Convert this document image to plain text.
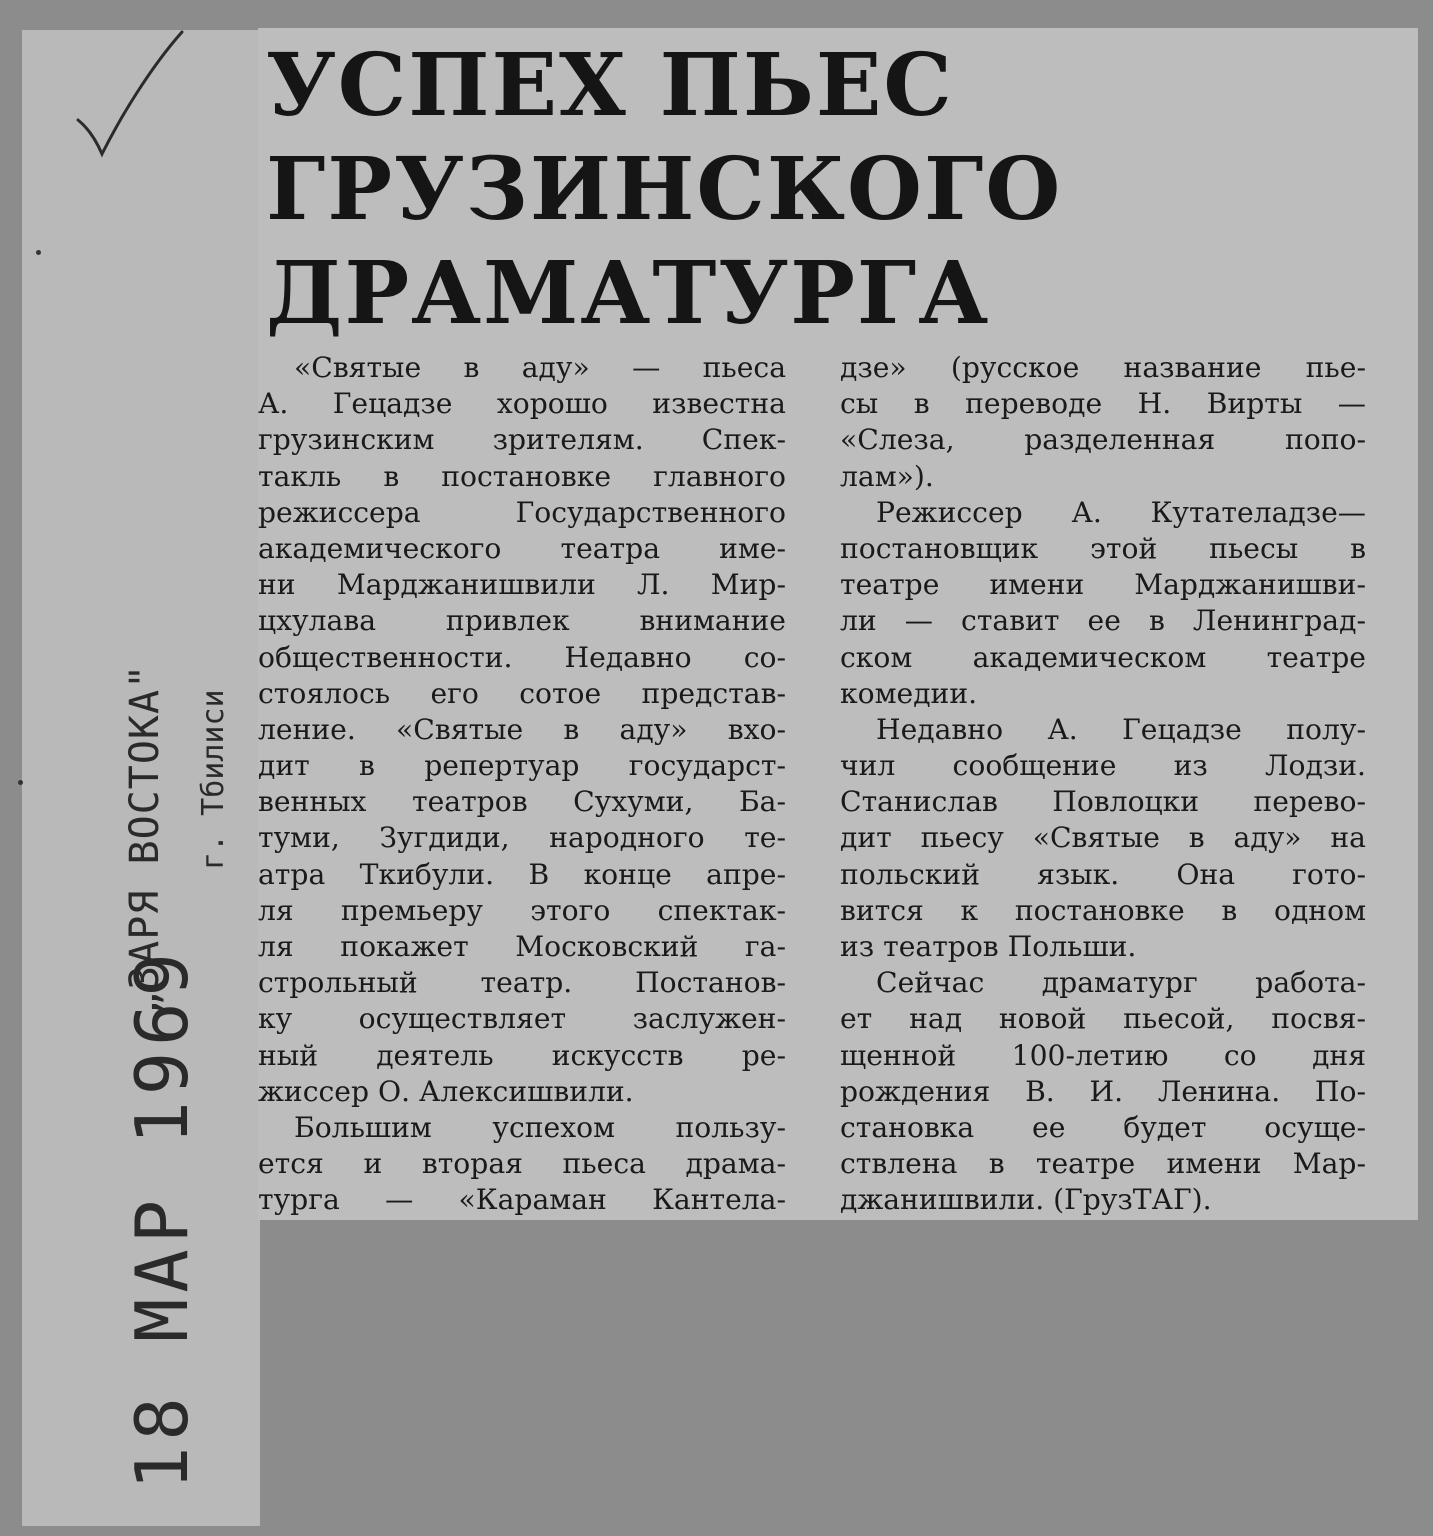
УСПЕХ ПЬЕС
ГРУЗИНСКОГО
ДРАМАТУРГА

«Святые в аду» — пьеса
А. Гецадзе хорошо известна
грузинским зрителям. Спек-
такль в постановке главного
режиссера Государственного
академического театра име-
ни Марджанишвили Л. Мир-
цхулава привлек внимание
общественности. Недавно со-
стоялось его сотое представ-
ление. «Святые в аду» вхо-
дит в репертуар государст-
венных театров Сухуми, Ба-
туми, Зугдиди, народного те-
атра Ткибули. В конце апре-
ля премьеру этого спектак-
ля покажет Московский га-
строльный театр. Постанов-
ку осуществляет заслужен-
ный деятель искусств ре-
жиссер О. Алексишвили.

Большим успехом пользу-
ется и вторая пьеса драма-
турга — «Караман Кантела-

дзе» (русское название пье-
сы в переводе Н. Вирты —
«Слеза, разделенная попо-
лам»).

Режиссер А. Кутателадзе—
постановщик этой пьесы в
театре имени Марджанишви-
ли — ставит ее в Ленинград-
ском академическом театре
комедии.

Недавно А. Гецадзе полу-
чил сообщение из Лодзи.
Станислав Повлоцки перево-
дит пьесу «Святые в аду» на
польский язык. Она гото-
вится к постановке в одном
из театров Польши.

Сейчас драматург работа-
ет над новой пьесой, посвя-
щенной 100-летию со дня
рождения В. И. Ленина. По-
становка ее будет осуще-
ствлена в театре имени Мар-
джанишвили. (ГрузТАГ).

18 МАР 1969
„ЗАРЯ ВОСТОКА" г. Тбилиси
